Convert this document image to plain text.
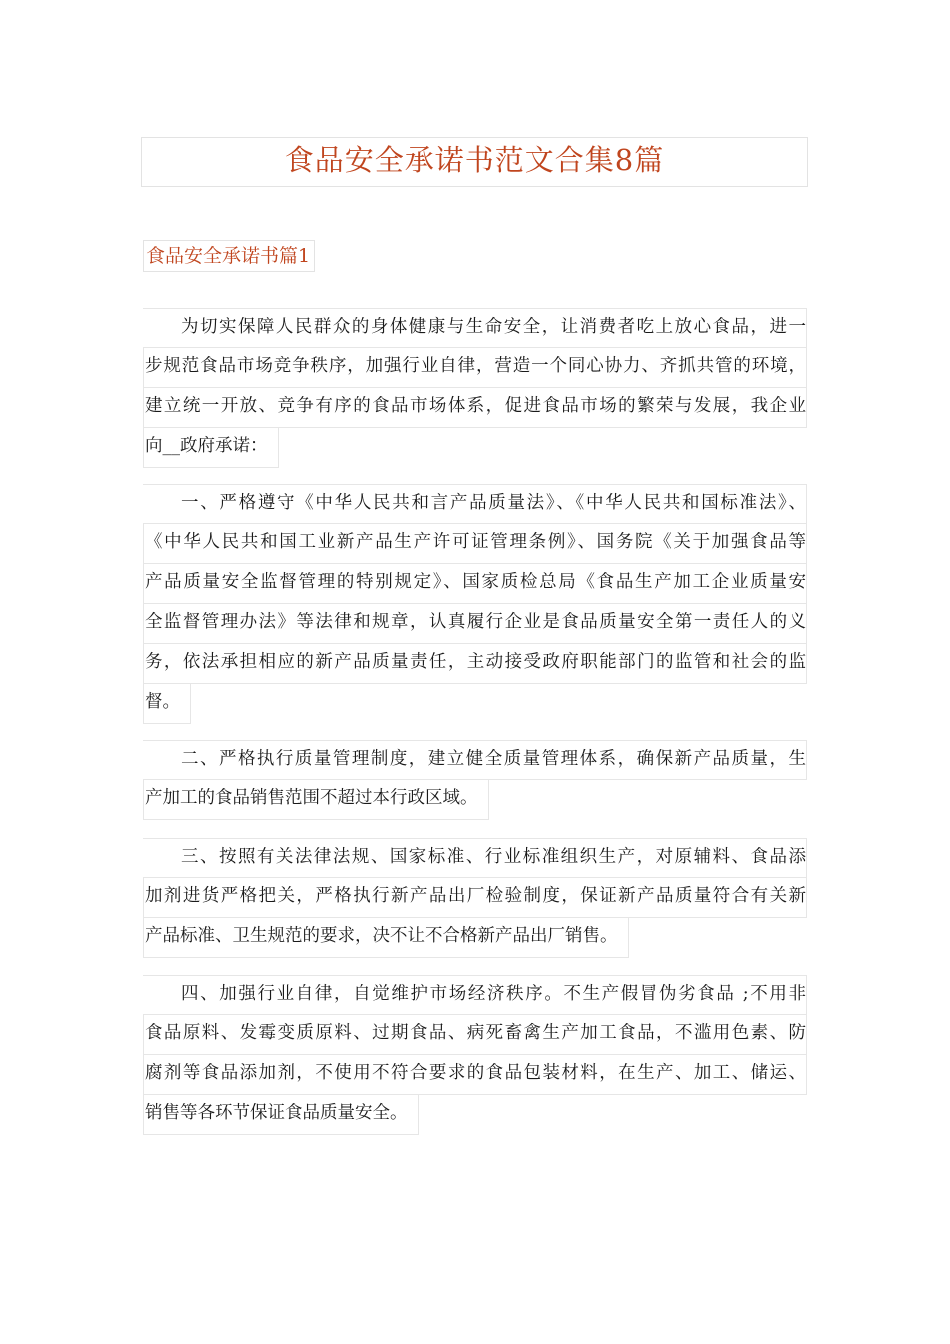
食品安全承诺书范文合集8篇
食品安全承诺书篇1
为切实保障人民群众的身体健康与生命安全，让消费者吃上放心食品，进一
步规范食品市场竞争秩序，加强行业自律，营造一个同心协力、齐抓共管的环境，
建立统一开放、竞争有序的食品市场体系，促进食品市场的繁荣与发展，我企业
向__政府承诺：
一、严格遵守《中华人民共和言产品质量法》、《中华人民共和国标准法》、
《中华人民共和国工业新产品生产许可证管理条例》、国务院《关于加强食品等
产品质量安全监督管理的特别规定》、国家质检总局《食品生产加工企业质量安
全监督管理办法》等法律和规章，认真履行企业是食品质量安全第一责任人的义
务，依法承担相应的新产品质量责任，主动接受政府职能部门的监管和社会的监
督。
二、严格执行质量管理制度，建立健全质量管理体系，确保新产品质量，生
产加工的食品销售范围不超过本行政区域。
三、按照有关法律法规、国家标准、行业标准组织生产，对原辅料、食品添
加剂进货严格把关，严格执行新产品出厂检验制度，保证新产品质量符合有关新
产品标准、卫生规范的要求，决不让不合格新产品出厂销售。
四、加强行业自律，自觉维护市场经济秩序。不生产假冒伪劣食品 ;不用非
食品原料、发霉变质原料、过期食品、病死畜禽生产加工食品，不滥用色素、防
腐剂等食品添加剂，不使用不符合要求的食品包装材料，在生产、加工、储运、
销售等各环节保证食品质量安全。
